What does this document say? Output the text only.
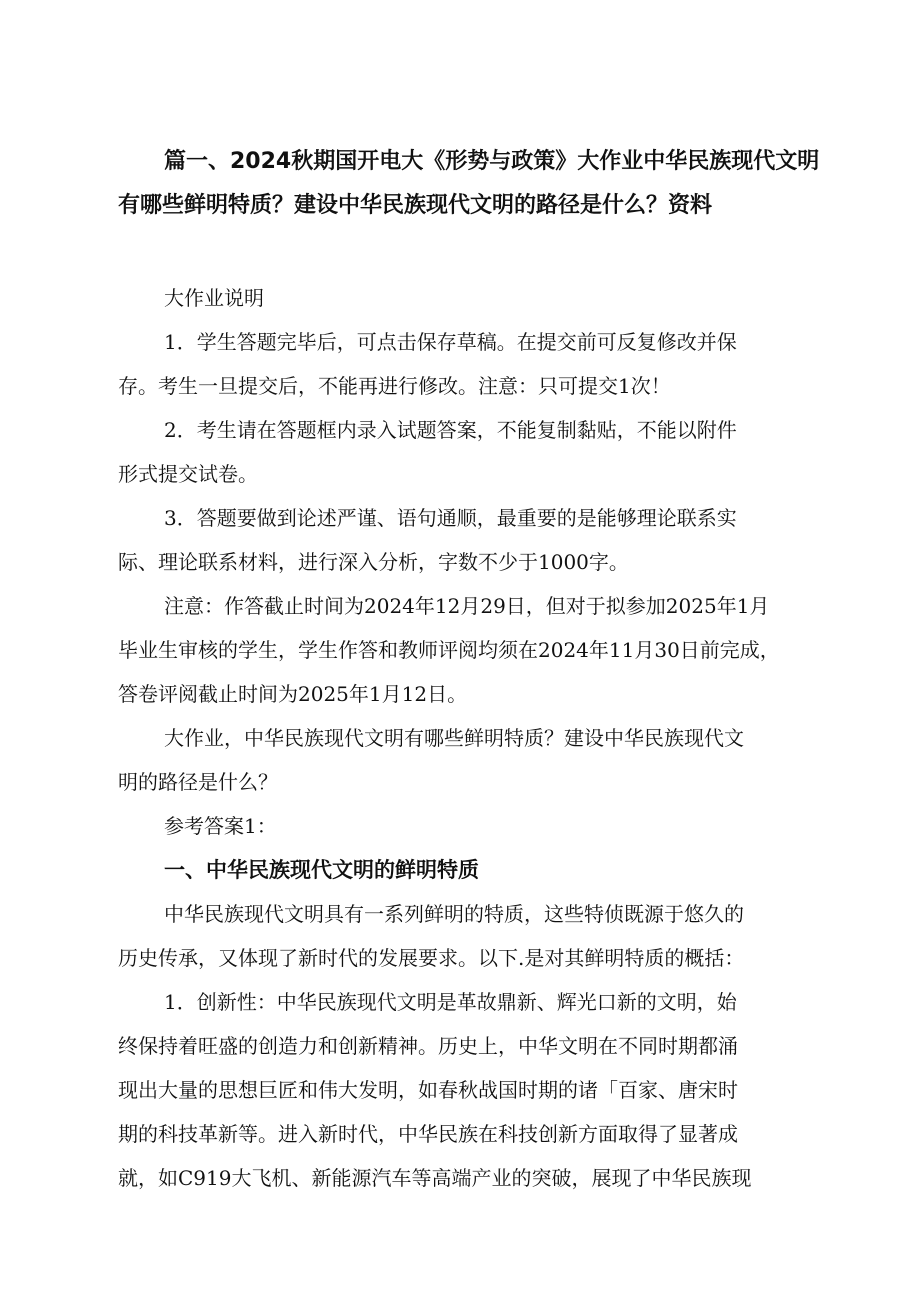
篇一、2024秋期国开电大《形势与政策》大作业中华民族现代文明
有哪些鲜明特质？建设中华民族现代文明的路径是什么？资料
大作业说明
1．学生答题完毕后，可点击保存草稿。在提交前可反复修改并保
存。考生一旦提交后，不能再进行修改。注意：只可提交1次！
2．考生请在答题框内录入试题答案，不能复制黏贴，不能以附件
形式提交试卷。
3．答题要做到论述严谨、语句通顺，最重要的是能够理论联系实
际、理论联系材料，进行深入分析，字数不少于1000字。
注意：作答截止时间为2024年12月29日，但对于拟参加2025年1月
毕业生审核的学生，学生作答和教师评阅均须在2024年11月30日前完成，
答卷评阅截止时间为2025年1月12日。
大作业，中华民族现代文明有哪些鲜明特质？建设中华民族现代文
明的路径是什么？
参考答案1：
一、中华民族现代文明的鲜明特质
中华民族现代文明具有一系列鲜明的特质，这些特侦既源于悠久的
历史传承，又体现了新时代的发展要求。以下.是对其鲜明特质的概括：
1．创新性：中华民族现代文明是革故鼎新、辉光口新的文明，始
终保持着旺盛的创造力和创新精神。历史上，中华文明在不同时期都涌
现出大量的思想巨匠和伟大发明，如春秋战国时期的诸「百家、唐宋时
期的科技革新等。进入新时代，中华民族在科技创新方面取得了显著成
就，如C919大飞机、新能源汽车等高端产业的突破，展现了中华民族现
